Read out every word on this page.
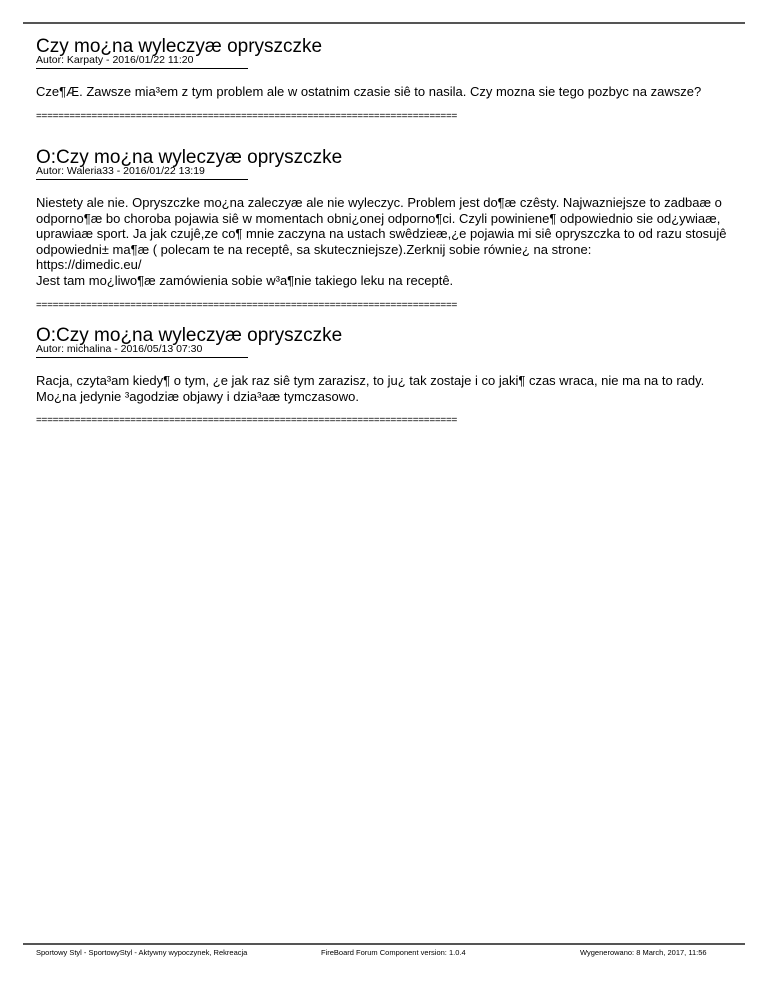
Czy mo¿na wyleczyæ opryszczke
Autor: Karpaty - 2016/01/22 11:20

Cze¶Æ. Zawsze mia³em z tym problem ale w ostatnim czasie siê to nasila. Czy mozna sie tego pozbyc na zawsze?

============================================================================
O:Czy mo¿na wyleczyæ opryszczke
Autor: Waleria33 - 2016/01/22 13:19

Niestety ale nie. Opryszczke mo¿na zaleczyæ ale nie wyleczyc. Problem jest do¶æ czêsty. Najwazniejsze to zadbaæ o odporno¶æ bo choroba pojawia siê w momentach obni¿onej odporno¶ci. Czyli powiniene¶ odpowiednio sie od¿ywiaæ, uprawiaæ sport. Ja jak czujê,ze co¶ mnie zaczyna na ustach swêdzieæ,¿e pojawia mi siê opryszczka to od razu stosujê odpowiedni± ma¶æ ( polecam te na receptê, sa skuteczniejsze).Zerknij sobie równie¿ na strone:

https://dimedic.eu/

Jest tam mo¿liwo¶æ zamówienia sobie w³a¶nie takiego leku na receptê.

============================================================================
O:Czy mo¿na wyleczyæ opryszczke
Autor: michalina - 2016/05/13 07:30

Racja, czyta³am kiedy¶ o tym, ¿e jak raz siê tym zarazisz, to ju¿ tak zostaje i co jaki¶ czas wraca, nie ma na to rady. Mo¿na jedynie ³agodziæ objawy i dzia³aæ tymczasowo.

============================================================================
Sportowy Styl - SportowyStyl - Aktywny wypoczynek, Rekreacja	FireBoard Forum Component version: 1.0.4	Wygenerowano: 8 March, 2017, 11:56
